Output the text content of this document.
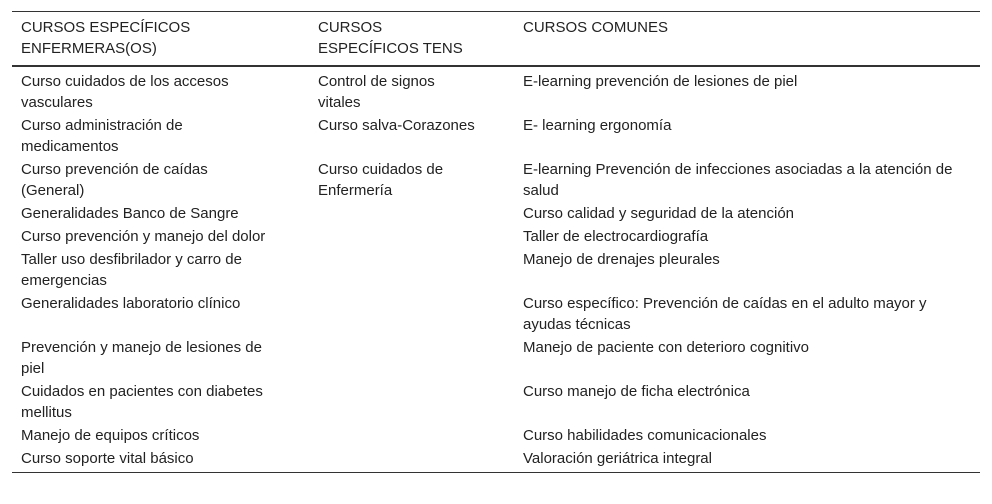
CURSOS ESPECÍFICOS ENFERMERAS(OS)	CURSOS ESPECÍFICOS TENS	CURSOS COMUNES

Curso cuidados de los accesos vasculares	Control de signos vitales	E-learning prevención de lesiones de piel

Curso administración de medicamentos	Curso salva-Corazones	E- learning ergonomía

Curso prevención de caídas (General)	Curso cuidados de Enfermería	E-learning Prevención de infecciones asociadas a la atención de salud

Generalidades Banco de Sangre		Curso calidad y seguridad de la atención

Curso prevención y manejo del dolor		Taller de electrocardiografía

Taller uso desfibrilador y carro de emergencias		Manejo de drenajes pleurales

Generalidades laboratorio clínico		Curso específico: Prevención de caídas en el adulto mayor y ayudas técnicas

Prevención y manejo de lesiones de piel		Manejo de paciente con deterioro cognitivo

Cuidados en pacientes con diabetes mellitus		Curso manejo de ficha electrónica

Manejo de equipos críticos		Curso habilidades comunicacionales

Curso soporte vital básico		Valoración geriátrica integral
